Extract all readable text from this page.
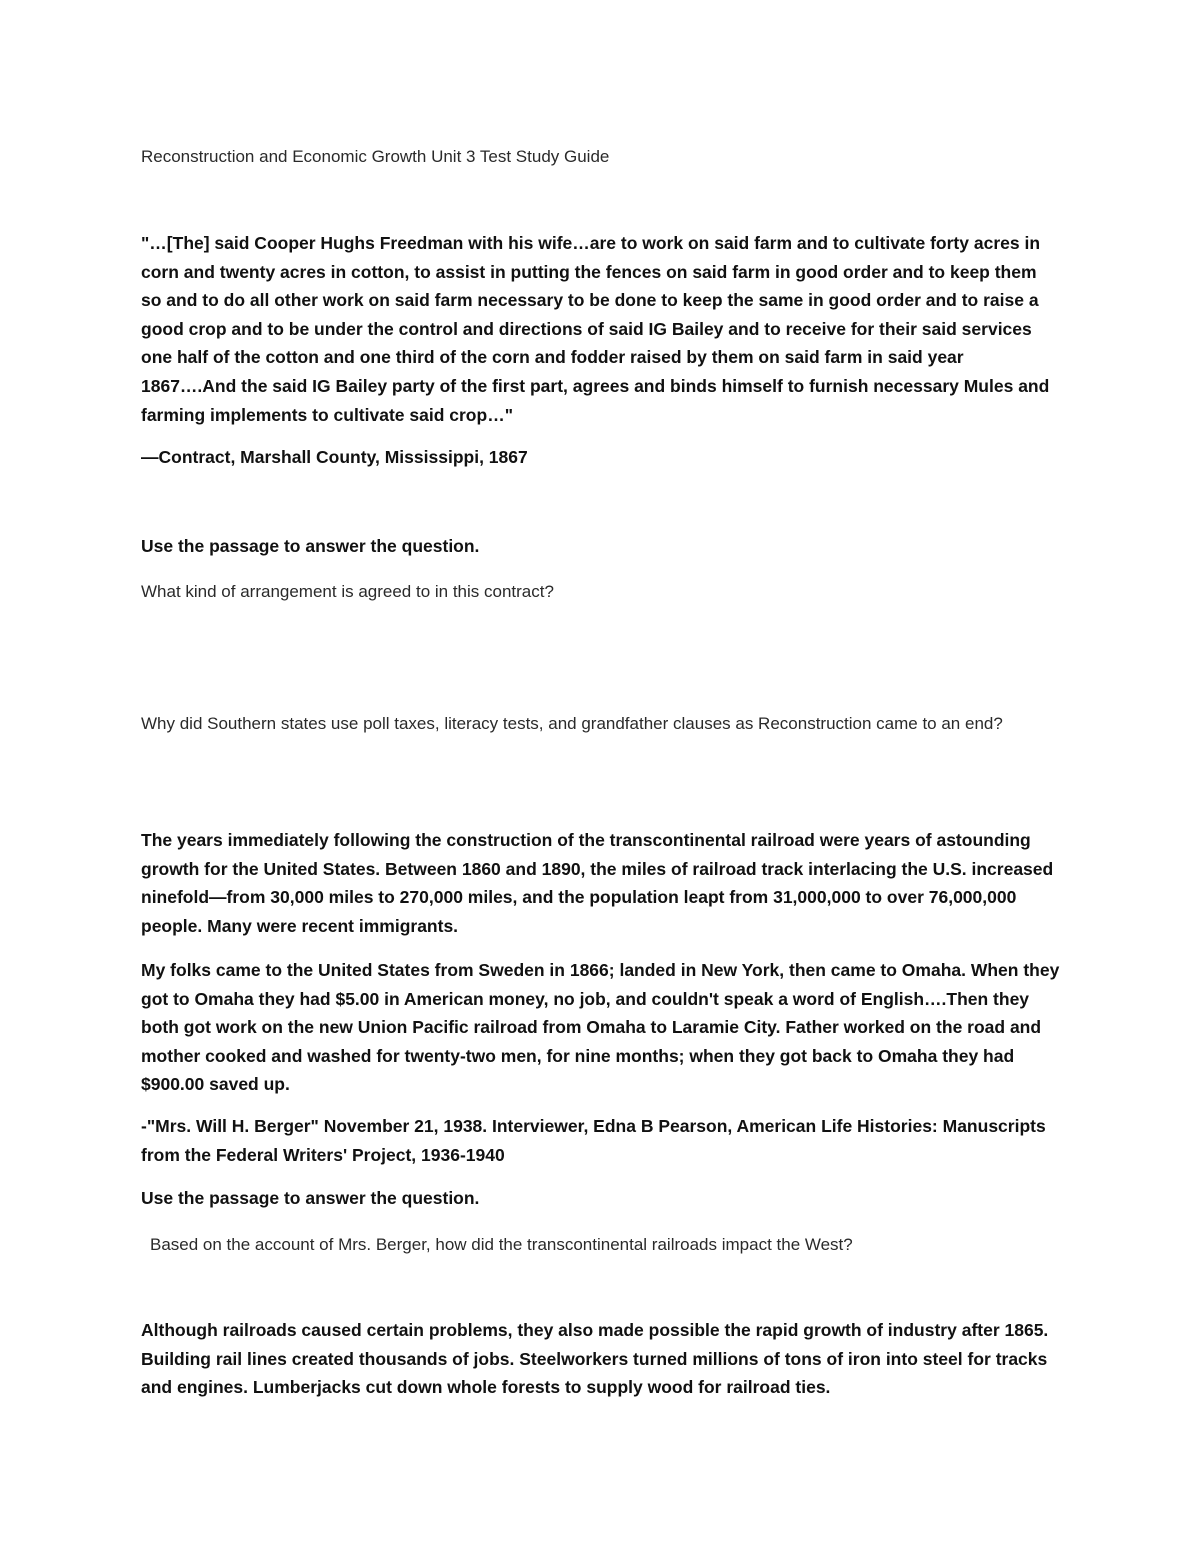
Reconstruction and Economic Growth Unit 3 Test Study Guide

"…[The] said Cooper Hughs Freedman with his wife…are to work on said farm and to cultivate forty acres in corn and twenty acres in cotton, to assist in putting the fences on said farm in good order and to keep them so and to do all other work on said farm necessary to be done to keep the same in good order and to raise a good crop and to be under the control and directions of said IG Bailey and to receive for their said services one half of the cotton and one third of the corn and fodder raised by them on said farm in said year 1867….And the said IG Bailey party of the first part, agrees and binds himself to furnish necessary Mules and farming implements to cultivate said crop…"

—Contract, Marshall County, Mississippi, 1867

Use the passage to answer the question.

What kind of arrangement is agreed to in this contract?

Why did Southern states use poll taxes, literacy tests, and grandfather clauses as Reconstruction came to an end?

The years immediately following the construction of the transcontinental railroad were years of astounding growth for the United States. Between 1860 and 1890, the miles of railroad track interlacing the U.S. increased ninefold—from 30,000 miles to 270,000 miles, and the population leapt from 31,000,000 to over 76,000,000 people. Many were recent immigrants.

My folks came to the United States from Sweden in 1866; landed in New York, then came to Omaha. When they got to Omaha they had $5.00 in American money, no job, and couldn't speak a word of English….Then they both got work on the new Union Pacific railroad from Omaha to Laramie City. Father worked on the road and mother cooked and washed for twenty-two men, for nine months; when they got back to Omaha they had $900.00 saved up.

-"Mrs. Will H. Berger" November 21, 1938. Interviewer, Edna B Pearson, American Life Histories: Manuscripts from the Federal Writers' Project, 1936-1940

Use the passage to answer the question.

Based on the account of Mrs. Berger, how did the transcontinental railroads impact the West?

Although railroads caused certain problems, they also made possible the rapid growth of industry after 1865. Building rail lines created thousands of jobs. Steelworkers turned millions of tons of iron into steel for tracks and engines. Lumberjacks cut down whole forests to supply wood for railroad ties.
